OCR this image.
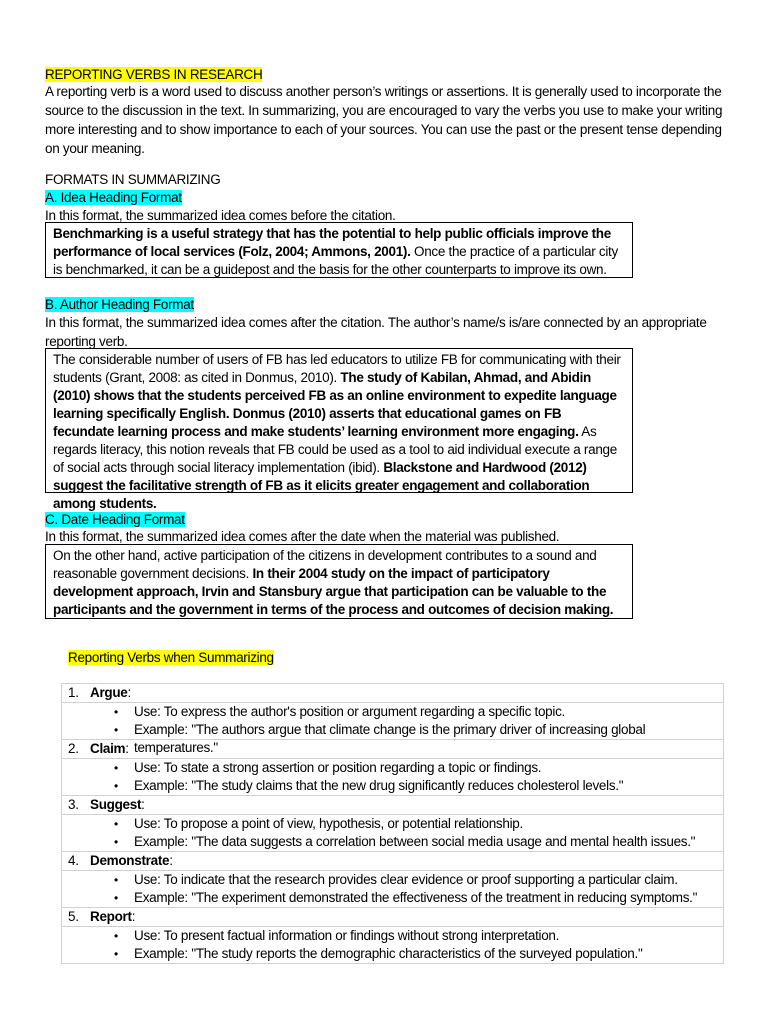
REPORTING VERBS IN RESEARCH
A reporting verb is a word used to discuss another person’s writings or assertions. It is generally used to incorporate the source to the discussion in the text. In summarizing, you are encouraged to vary the verbs you use to make your writing more interesting and to show importance to each of your sources. You can use the past or the present tense depending on your meaning.
FORMATS IN SUMMARIZING
A. Idea Heading Format
In this format, the summarized idea comes before the citation.
Benchmarking is a useful strategy that has the potential to help public officials improve the performance of local services (Folz, 2004; Ammons, 2001). Once the practice of a particular city is benchmarked, it can be a guidepost and the basis for the other counterparts to improve its own.
B. Author Heading Format
In this format, the summarized idea comes after the citation. The author’s name/s is/are connected by an appropriate reporting verb.
The considerable number of users of FB has led educators to utilize FB for communicating with their students (Grant, 2008: as cited in Donmus, 2010). The study of Kabilan, Ahmad, and Abidin (2010) shows that the students perceived FB as an online environment to expedite language learning specifically English. Donmus (2010) asserts that educational games on FB fecundate learning process and make students’ learning environment more engaging. As regards literacy, this notion reveals that FB could be used as a tool to aid individual execute a range of social acts through social literacy implementation (ibid). Blackstone and Hardwood (2012) suggest the facilitative strength of FB as it elicits greater engagement and collaboration among students.
C. Date Heading Format
In this format, the summarized idea comes after the date when the material was published.
On the other hand, active participation of the citizens in development contributes to a sound and reasonable government decisions. In their 2004 study on the impact of participatory development approach, Irvin and Stansbury argue that participation can be valuable to the participants and the government in terms of the process and outcomes of decision making.
Reporting Verbs when Summarizing
1. Argue:

• Use: To express the author's position or argument regarding a specific topic.
• Example: "The authors argue that climate change is the primary driver of increasing global temperatures."

2. Claim:

• Use: To state a strong assertion or position regarding a topic or findings.
• Example: "The study claims that the new drug significantly reduces cholesterol levels."

3. Suggest:

• Use: To propose a point of view, hypothesis, or potential relationship.
• Example: "The data suggests a correlation between social media usage and mental health issues."

4. Demonstrate:

• Use: To indicate that the research provides clear evidence or proof supporting a particular claim.
• Example: "The experiment demonstrated the effectiveness of the treatment in reducing symptoms."

5. Report:

• Use: To present factual information or findings without strong interpretation.
• Example: "The study reports the demographic characteristics of the surveyed population."
